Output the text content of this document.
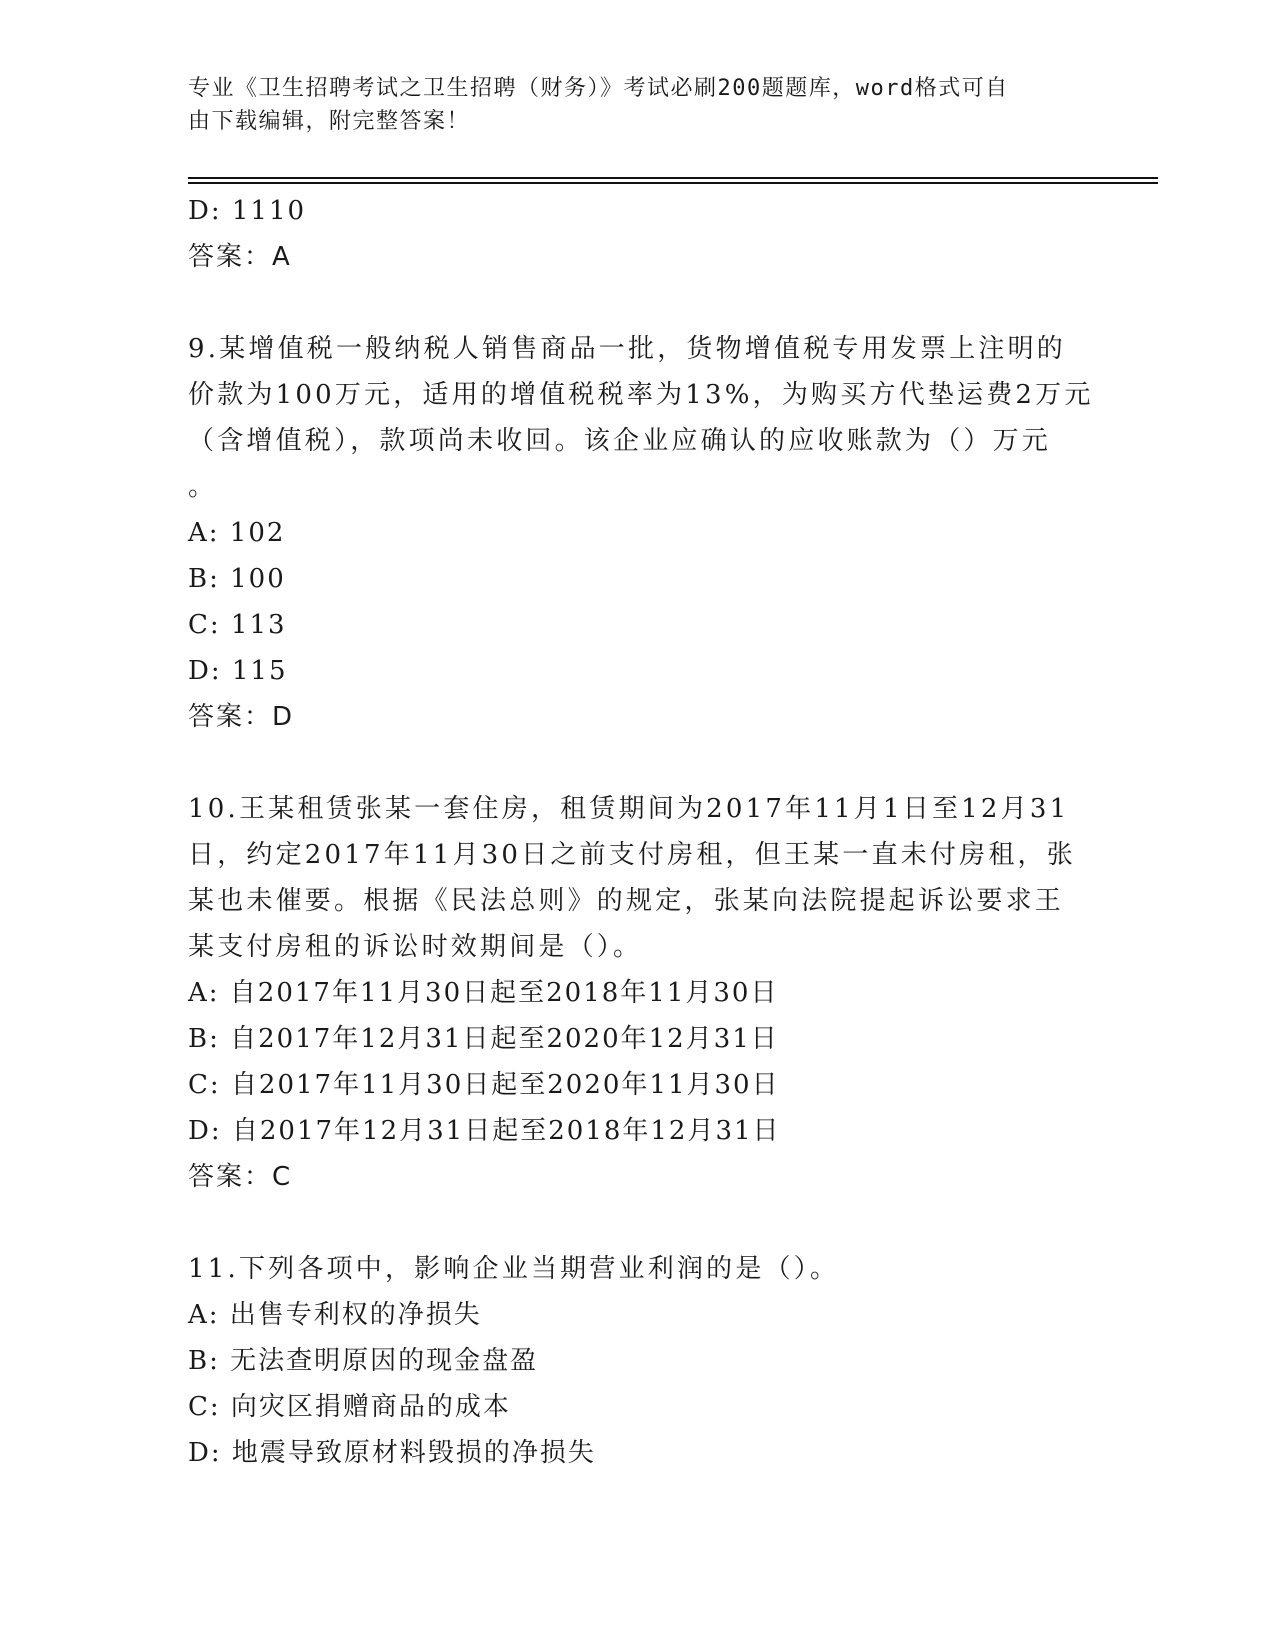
专业《卫生招聘考试之卫生招聘（财务）》考试必刷200题题库，word格式可自
由下载编辑，附完整答案！
D: 1110
答案：A
9.某增值税一般纳税人销售商品一批，货物增值税专用发票上注明的
价款为100万元，适用的增值税税率为13%，为购买方代垫运费2万元
（含增值税），款项尚未收回。该企业应确认的应收账款为（）万元
。
A: 102
B: 100
C: 113
D: 115
答案：D
10.王某租赁张某一套住房，租赁期间为2017年11月1日至12月31
日，约定2017年11月30日之前支付房租，但王某一直未付房租，张
某也未催要。根据《民法总则》的规定，张某向法院提起诉讼要求王
某支付房租的诉讼时效期间是（）。
A: 自2017年11月30日起至2018年11月30日
B: 自2017年12月31日起至2020年12月31日
C: 自2017年11月30日起至2020年11月30日
D: 自2017年12月31日起至2018年12月31日
答案：C
11.下列各项中，影响企业当期营业利润的是（）。
A: 出售专利权的净损失
B: 无法查明原因的现金盘盈
C: 向灾区捐赠商品的成本
D: 地震导致原材料毁损的净损失
